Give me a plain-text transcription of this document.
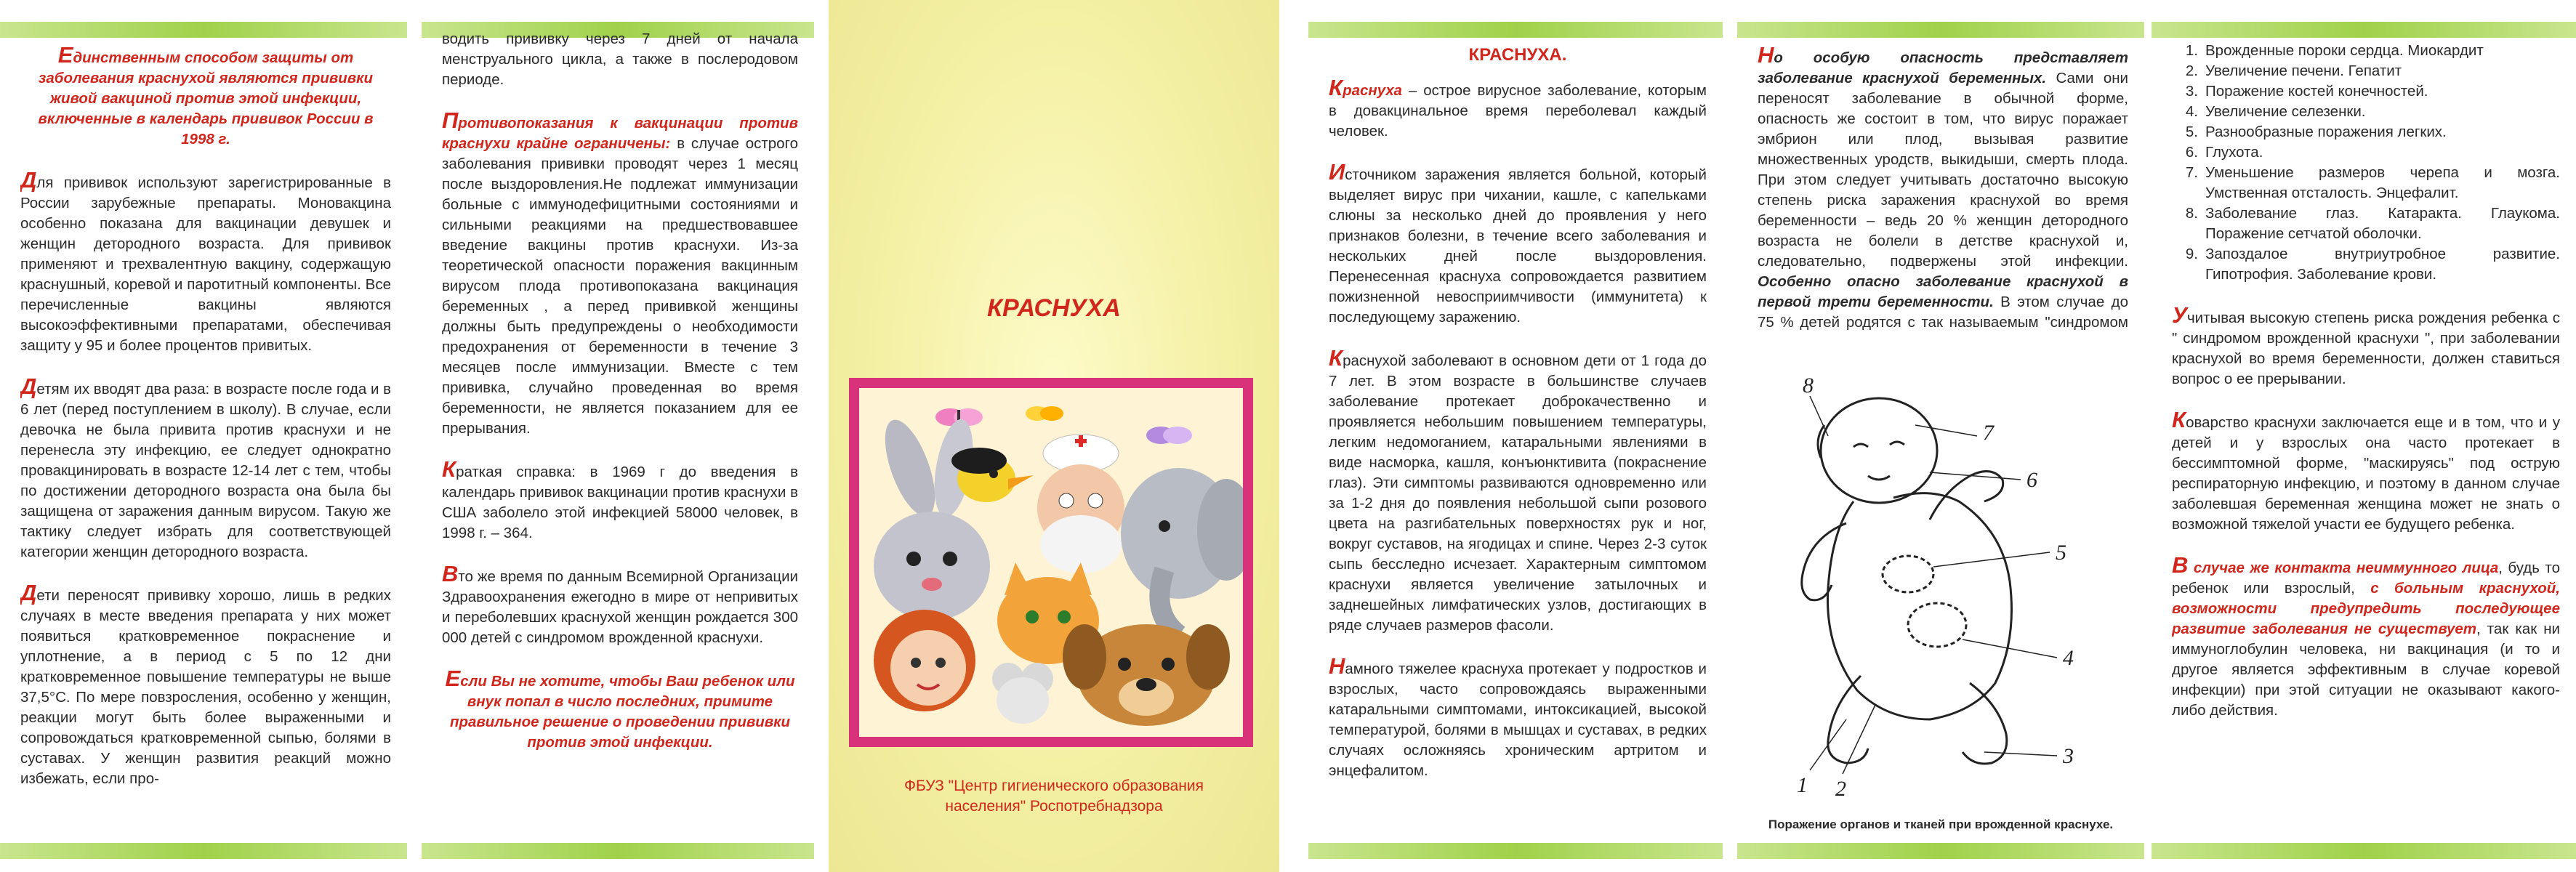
Единственным способом защиты от заболевания краснухой являются прививки живой вакциной против этой инфекции, включенные в календарь прививок России в 1998 г.

Для прививок используют зарегистрированные в России зарубежные препараты. Моновакцина особенно показана для вакцинации девушек и женщин детородного возраста. Для прививок применяют и трехвалентную вакцину, содержащую краснушный, коревой и паротитный компоненты. Все перечисленные вакцины являются высокоэффективными препаратами, обеспечивая защиту у 95 и более процентов привитых.

Детям их вводят два раза: в возрасте после года и в 6 лет (перед поступлением в школу). В случае, если девочка не была привита против краснухи и не перенесла эту инфекцию, ее следует однократно провакцинировать в возрасте 12-14 лет с тем, чтобы по достижении детородного возраста она была бы защищена от заражения данным вирусом. Такую же тактику следует избрать для соответствующей категории женщин детородного возраста.

Дети переносят прививку хорошо, лишь в редких случаях в месте введения препарата у них может появиться кратковременное покраснение и уплотнение, а в период с 5 по 12 дни кратковременное повышение температуры не выше 37,5°С. По мере повзросления, особенно у женщин, реакции могут быть более выраженными и сопровождаться кратковременной сыпью, болями в суставах. У женщин развития реакций можно избежать, если про-

водить прививку через 7 дней от начала менструального цикла, а также в послеродовом периоде.

Противопоказания к вакцинации против краснухи крайне ограничены: в случае острого заболевания прививки проводят через 1 месяц после выздоровления.Не подлежат иммунизации больные с иммунодефицитными состояниями и сильными реакциями на предшествовавшее введение вакцины против краснухи. Из-за теоретической опасности поражения вакцинным вирусом плода противопоказана вакцинация беременных , а перед прививкой женщины должны быть предупреждены о необходимости предохранения от беременности в течение 3 месяцев после иммунизации. Вместе с тем прививка, случайно проведенная во время беременности, не является показанием для ее прерывания.

Краткая справка: в 1969 г до введения в календарь прививок вакцинации против краснухи в США заболело этой инфекцией 58000 человек, в 1998 г. – 364.

Вто же время по данным Всемирной Организации Здравоохранения ежегодно в мире от непривитых и переболевших краснухой женщин рождается 300 000 детей с синдромом врожденной краснухи.

Если Вы не хотите, чтобы Ваш ребенок или внук попал в число последних, примите правильное решение о проведении прививки против этой инфекции.

КРАСНУХА
ФБУЗ "Центр гигиенического образования
населения" Роспотребнадзора

КРАСНУХА.

Краснуха – острое вирусное заболевание, которым в довакцинальное время переболевал каждый человек.

Источником заражения является больной, который выделяет вирус при чихании, кашле, с капельками слюны за несколько дней до проявления у него признаков болезни, в течение всего заболевания и нескольких дней после выздоровления. Перенесенная краснуха сопровождается развитием пожизненной невосприимчивости (иммунитета) к последующему заражению.

Краснухой заболевают в основном дети от 1 года до 7 лет. В этом возрасте в большинстве случаев заболевание протекает доброкачественно и проявляется небольшим повышением температуры, легким недомоганием, катаральными явлениями в виде насморка, кашля, конъюнктивита (покраснение глаз). Эти симптомы развиваются одновременно или за 1-2 дня до появления небольшой сыпи розового цвета на разгибательных поверхностях рук и ног, вокруг суставов, на ягодицах и спине. Через 2-3 суток сыпь бесследно исчезает. Характерным симптомом краснухи является увеличение затылочных и заднешейных лимфатических узлов, достигающих в ряде случаев размеров фасоли.

Намного тяжелее краснуха протекает у подростков и взрослых, часто сопровождаясь выраженными катаральными симптомами, интоксикацией, высокой температурой, болями в мышцах и суставах, в редких случаях осложняясь хроническим артритом и энцефалитом.

Но особую опасность представляет заболевание краснухой беременных. Сами они переносят заболевание в обычной форме, опасность же состоит в том, что вирус поражает эмбрион или плод, вызывая развитие множественных уродств, выкидыши, смерть плода. При этом следует учитывать достаточно высокую степень риска заражения краснухой во время беременности – ведь 20 % женщин детородного возраста не болели в детстве краснухой и, следовательно, подвержены этой инфекции. Особенно опасно заболевание краснухой в первой трети беременности. В этом случае до 75 % детей родятся с так называемым "синдромом

1 2
3
4
5
6
7
8
Поражение органов и тканей при врожденной краснухе.
1. Врожденные пороки сердца. Миокардит
2. Увеличение печени. Гепатит
3. Поражение костей конечностей.
4. Увеличение селезенки.
5. Разнообразные поражения легких.
6. Глухота.
7. Уменьшение размеров черепа и мозга. Умственная отсталость. Энцефалит.
8. Заболевание глаз. Катаракта. Глаукома. Поражение сетчатой оболочки.
9. Запоздалое внутриутробное развитие. Гипотрофия. Заболевание крови.

Учитывая высокую степень риска рождения ребенка с " синдромом врожденной краснухи ", при заболевании краснухой во время беременности, должен ставиться вопрос о ее прерывании.

Коварство краснухи заключается еще и в том, что и у детей и у взрослых она часто протекает в бессимптомной форме, "маскируясь" под острую респираторную инфекцию, и поэтому в данном случае заболевшая беременная женщина может не знать о возможной тяжелой участи ее будущего ребенка.

В случае же контакта неиммунного лица, будь то ребенок или взрослый, с больным краснухой, возможности предупредить последующее развитие заболевания не существует, так как ни иммуноглобулин человека, ни вакцинация (и то и другое является эффективным в случае коревой инфекции) при этой ситуации не оказывают какого-либо действия.
